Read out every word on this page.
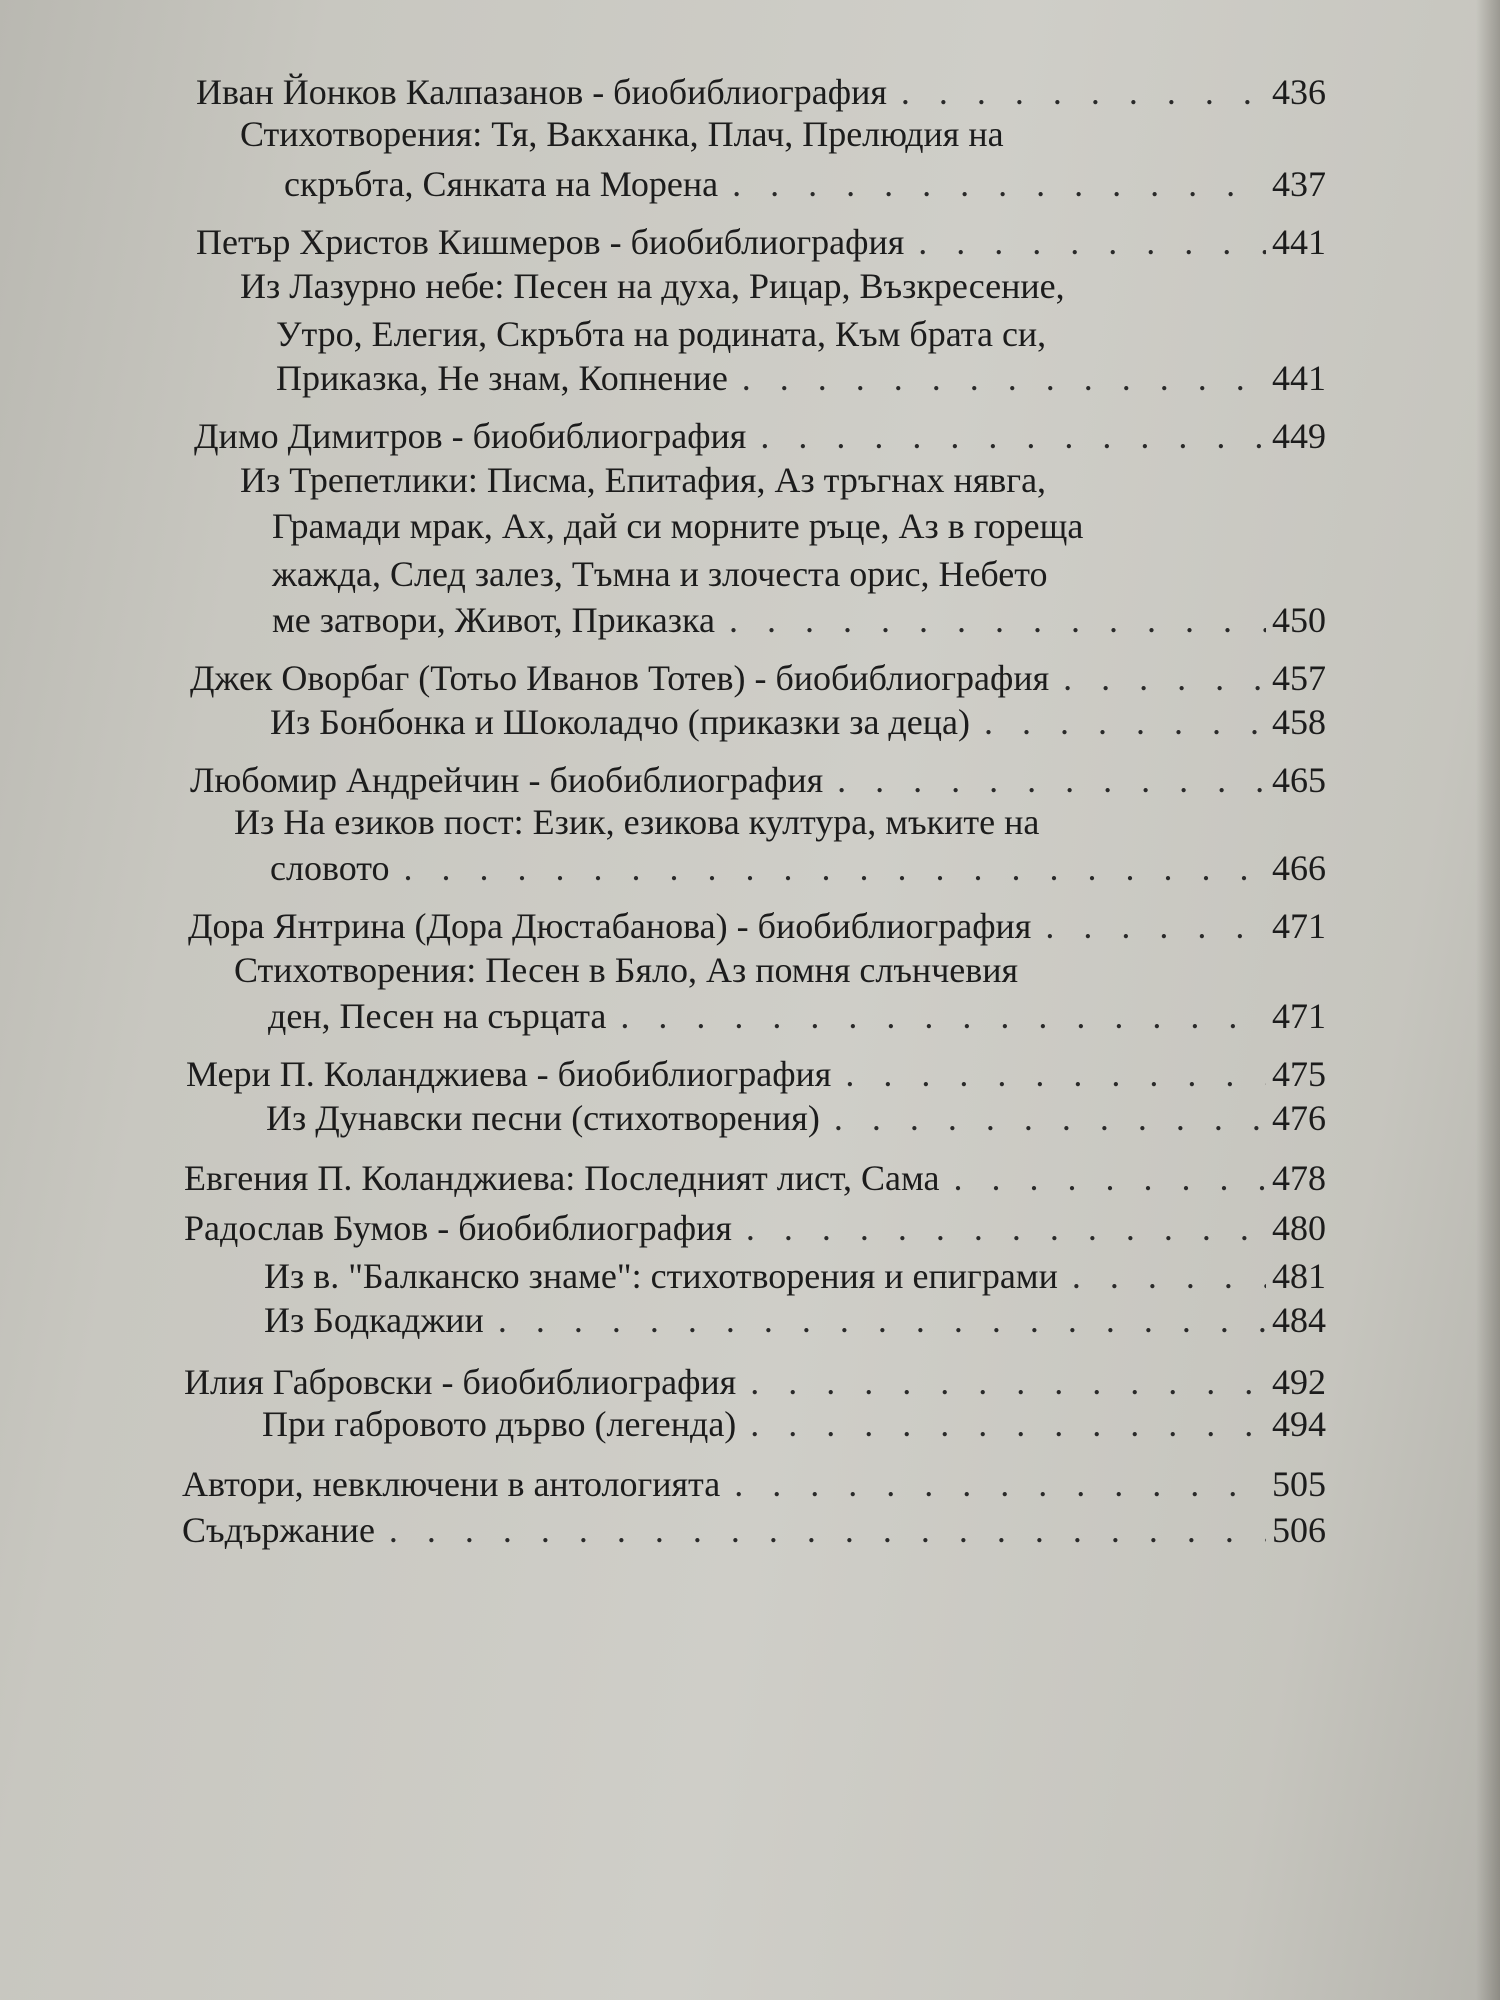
Иван Йонков Калпазанов - биобиблиография . . .	436
Стихотворения: Тя, Вакханка, Плач, Прелюдия на
скръбта, Сянката на Морена . . .	437
Петър Христов Кишмеров - биобиблиография . . .	441
Из Лазурно небе: Песен на духа, Рицар, Възкресение,
Утро, Елегия, Скръбта на родината, Към брата си,
Приказка, Не знам, Копнение . . .	441
Димо Димитров - биобиблиография . . .	449
Из Трепетлики: Писма, Епитафия, Аз тръгнах нявга,
Грамади мрак, Ах, дай си морните ръце, Аз в гореща
жажда, След залез, Тъмна и злочеста орис, Небето
ме затвори, Живот, Приказка . . .	450
Джек Оворбаг (Тотьо Иванов Тотев) - биобиблиография . . .	457
Из Бонбонка и Шоколадчо (приказки за деца) . . .	458
Любомир Андрейчин - биобиблиография . . .	465
Из На езиков пост: Език, езикова култура, мъките на
словото . . .	466
Дора Янтрина (Дора Дюстабанова) - биобиблиография . . .	471
Стихотворения: Песен в Бяло, Аз помня слънчевия
ден, Песен на сърцата . . .	471
Мери П. Коланджиева - биобиблиография . . .	475
Из Дунавски песни (стихотворения) . . .	476
Евгения П. Коланджиева: Последният лист, Сама . . .	478
Радослав Бумов - биобиблиография . . .	480
Из в. "Балканско знаме": стихотворения и епиграми . . .	481
Из Бодкаджии . . .	484
Илия Габровски - биобиблиография . . .	492
При габровото дърво (легенда) . . .	494
Автори, невключени в антологията . . .	505
Съдържание . . .	506
